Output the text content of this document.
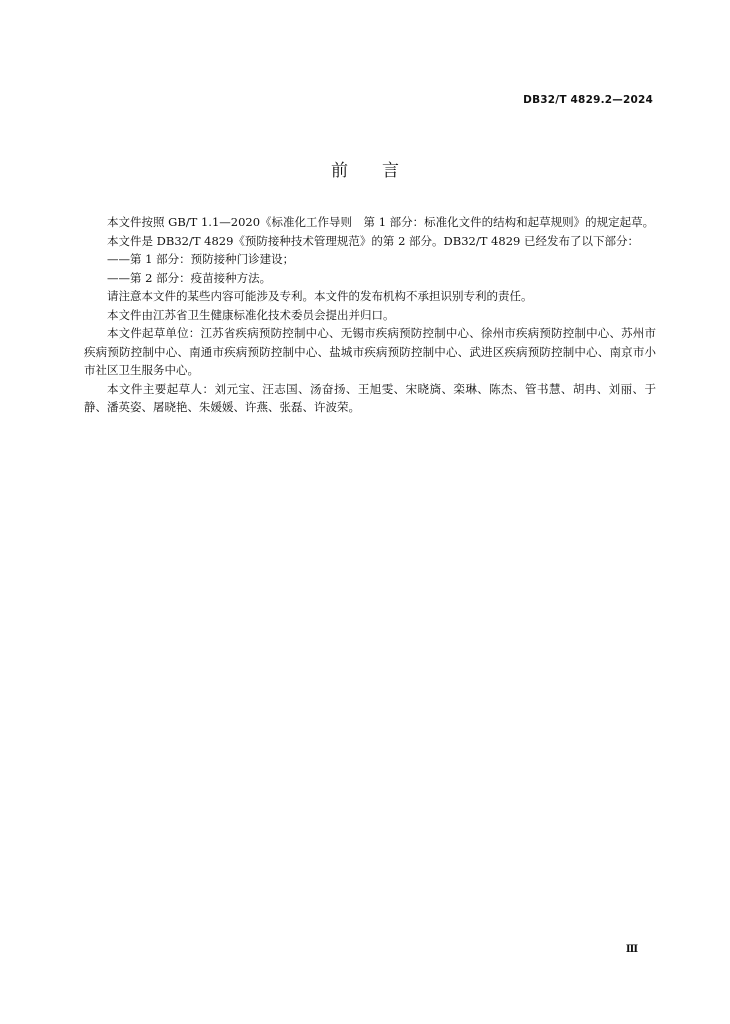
DB32/T 4829.2—2024
前 言

本文件按照 GB/T 1.1—2020《标准化工作导则　第 1 部分：标准化文件的结构和起草规则》的规定起草。

本文件是 DB32/T 4829《预防接种技术管理规范》的第 2 部分。DB32/T 4829 已经发布了以下部分：

——第 1 部分：预防接种门诊建设；

——第 2 部分：疫苗接种方法。

请注意本文件的某些内容可能涉及专利。本文件的发布机构不承担识别专利的责任。

本文件由江苏省卫生健康标准化技术委员会提出并归口。

本文件起草单位：江苏省疾病预防控制中心、无锡市疾病预防控制中心、徐州市疾病预防控制中心、苏州市疾病预防控制中心、南通市疾病预防控制中心、盐城市疾病预防控制中心、武进区疾病预防控制中心、南京市小市社区卫生服务中心。

本文件主要起草人：刘元宝、汪志国、汤奋扬、王旭雯、宋晓旖、栾琳、陈杰、管书慧、胡冉、刘丽、于静、潘英姿、屠晓艳、朱媛媛、许燕、张磊、许波荣。

Ⅲ
